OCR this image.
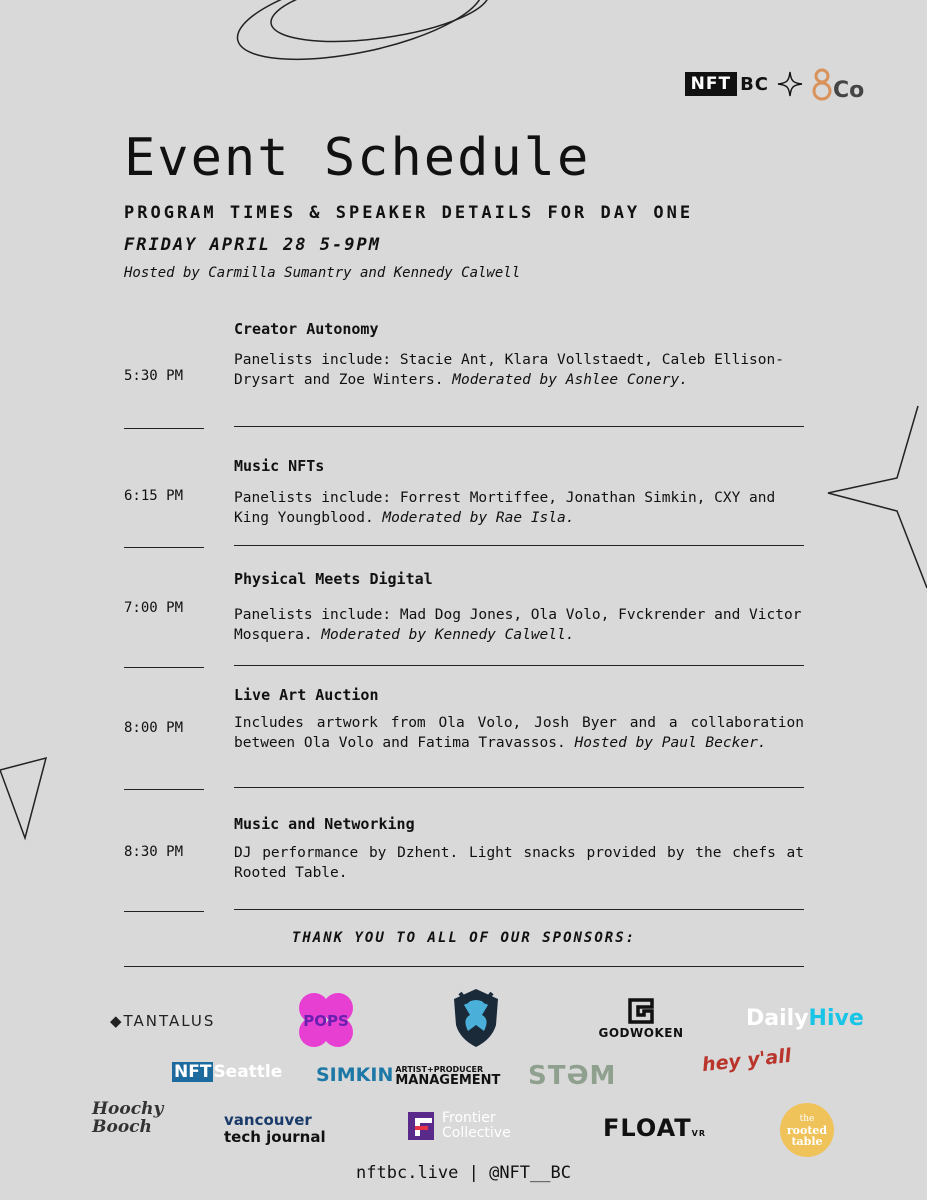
NFT BC	Co
Event Schedule
PROGRAM TIMES & SPEAKER DETAILS FOR DAY ONE
FRIDAY APRIL 28 5-9PM
Hosted by Carmilla Sumantry and Kennedy Calwell
5:30 PM
Creator Autonomy
Panelists include: Stacie Ant, Klara Vollstaedt, Caleb Ellison-Drysart and Zoe Winters. Moderated by Ashlee Conery.
6:15 PM
Music NFTs
Panelists include: Forrest Mortiffee, Jonathan Simkin, CXY and King Youngblood. Moderated by Rae Isla.
7:00 PM
Physical Meets Digital
Panelists include: Mad Dog Jones, Ola Volo, Fvckrender and Victor Mosquera. Moderated by Kennedy Calwell.
8:00 PM
Live Art Auction
Includes artwork from Ola Volo, Josh Byer and a collaboration between Ola Volo and Fatima Travassos. Hosted by Paul Becker.
8:30 PM
Music and Networking
DJ performance by Dzhent. Light snacks provided by the chefs at Rooted Table.
THANK YOU TO ALL OF OUR SPONSORS:
◆TANTALUS	POPS
GODWOKEN
DailyHive
NFT Seattle SIMKIN ARTIST+PRODUCER
MANAGEMENT STƏM	hey y'all
Hoochy Booch	vancouver
tech journal
Frontier
Collective	FLOATVR
the
rooted
table
nftbc.live | @NFT__BC
